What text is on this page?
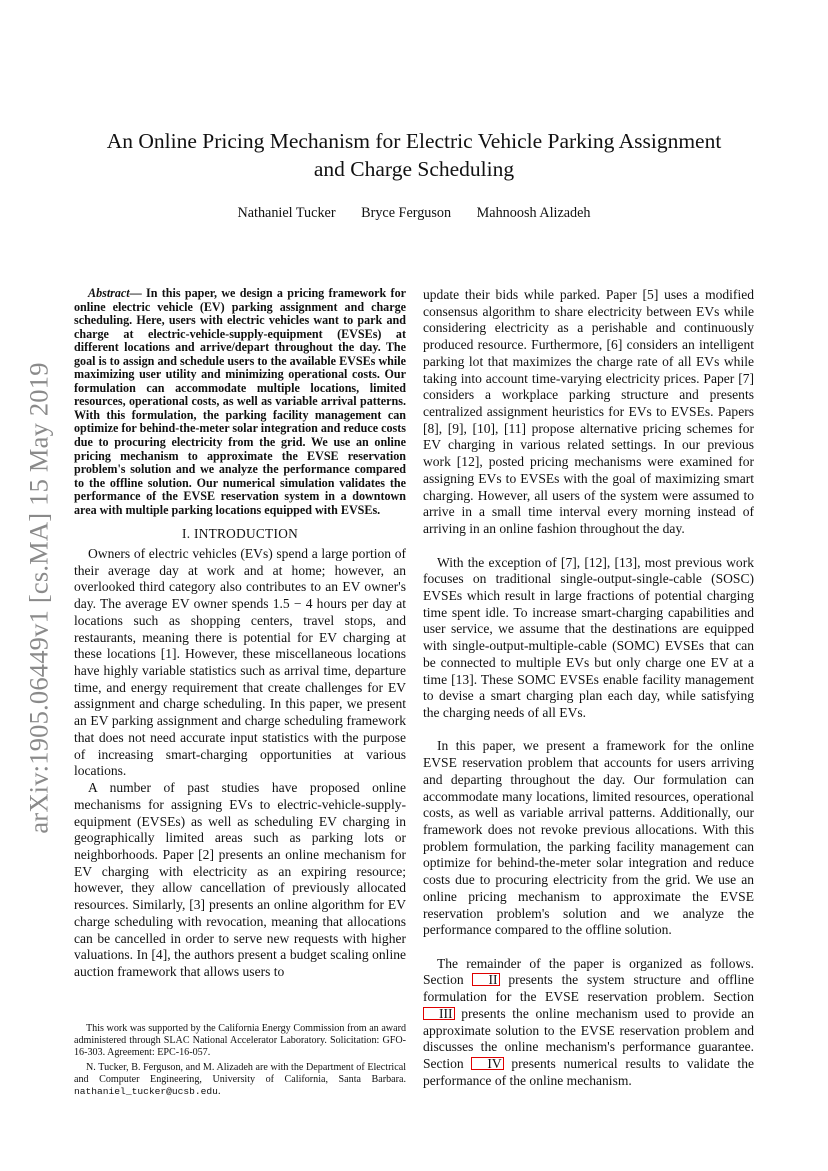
arXiv:1905.06449v1 [cs.MA] 15 May 2019
An Online Pricing Mechanism for Electric Vehicle Parking Assignment
and Charge Scheduling
Nathaniel Tucker Bryce Ferguson Mahnoosh Alizadeh
Abstract— In this paper, we design a pricing framework for online electric vehicle (EV) parking assignment and charge scheduling. Here, users with electric vehicles want to park and charge at electric-vehicle-supply-equipment (EVSEs) at different locations and arrive/depart throughout the day. The goal is to assign and schedule users to the available EVSEs while maximizing user utility and minimizing operational costs. Our formulation can accommodate multiple locations, limited resources, operational costs, as well as variable arrival patterns. With this formulation, the parking facility management can optimize for behind-the-meter solar integration and reduce costs due to procuring electricity from the grid. We use an online pricing mechanism to approximate the EVSE reservation problem's solution and we analyze the performance compared to the offline solution. Our numerical simulation validates the performance of the EVSE reservation system in a downtown area with multiple parking locations equipped with EVSEs.
I. INTRODUCTION

Owners of electric vehicles (EVs) spend a large portion of their average day at work and at home; however, an overlooked third category also contributes to an EV owner's day. The average EV owner spends 1.5 − 4 hours per day at locations such as shopping centers, travel stops, and restaurants, meaning there is potential for EV charging at these locations [1]. However, these miscellaneous locations have highly variable statistics such as arrival time, departure time, and energy requirement that create challenges for EV assignment and charge scheduling. In this paper, we present an EV parking assignment and charge scheduling framework that does not need accurate input statistics with the purpose of increasing smart-charging opportunities at various locations.

A number of past studies have proposed online mechanisms for assigning EVs to electric-vehicle-supply-equipment (EVSEs) as well as scheduling EV charging in geographically limited areas such as parking lots or neighborhoods. Paper [2] presents an online mechanism for EV charging with electricity as an expiring resource; however, they allow cancellation of previously allocated resources. Similarly, [3] presents an online algorithm for EV charge scheduling with revocation, meaning that allocations can be cancelled in order to serve new requests with higher valuations. In [4], the authors present a budget scaling online auction framework that allows users to

update their bids while parked. Paper [5] uses a modified consensus algorithm to share electricity between EVs while considering electricity as a perishable and continuously produced resource. Furthermore, [6] considers an intelligent parking lot that maximizes the charge rate of all EVs while taking into account time-varying electricity prices. Paper [7] considers a workplace parking structure and presents centralized assignment heuristics for EVs to EVSEs. Papers [8], [9], [10], [11] propose alternative pricing schemes for EV charging in various related settings. In our previous work [12], posted pricing mechanisms were examined for assigning EVs to EVSEs with the goal of maximizing smart charging. However, all users of the system were assumed to arrive in a small time interval every morning instead of arriving in an online fashion throughout the day.

With the exception of [7], [12], [13], most previous work focuses on traditional single-output-single-cable (SOSC) EVSEs which result in large fractions of potential charging time spent idle. To increase smart-charging capabilities and user service, we assume that the destinations are equipped with single-output-multiple-cable (SOMC) EVSEs that can be connected to multiple EVs but only charge one EV at a time [13]. These SOMC EVSEs enable facility management to devise a smart charging plan each day, while satisfying the charging needs of all EVs.

In this paper, we present a framework for the online EVSE reservation problem that accounts for users arriving and departing throughout the day. Our formulation can accommodate many locations, limited resources, operational costs, as well as variable arrival patterns. Additionally, our framework does not revoke previous allocations. With this problem formulation, the parking facility management can optimize for behind-the-meter solar integration and reduce costs due to procuring electricity from the grid. We use an online pricing mechanism to approximate the EVSE reservation problem's solution and we analyze the performance compared to the offline solution.

The remainder of the paper is organized as follows. Section II presents the system structure and offline formulation for the EVSE reservation problem. Section III presents the online mechanism used to provide an approximate solution to the EVSE reservation problem and discusses the online mechanism's performance guarantee. Section IV presents numerical results to validate the performance of the online mechanism.

This work was supported by the California Energy Commission from an award administered through SLAC National Accelerator Laboratory. Solicitation: GFO-16-303. Agreement: EPC-16-057.

N. Tucker, B. Ferguson, and M. Alizadeh are with the Department of Electrical and Computer Engineering, University of California, Santa Barbara. nathaniel_tucker@ucsb.edu.
